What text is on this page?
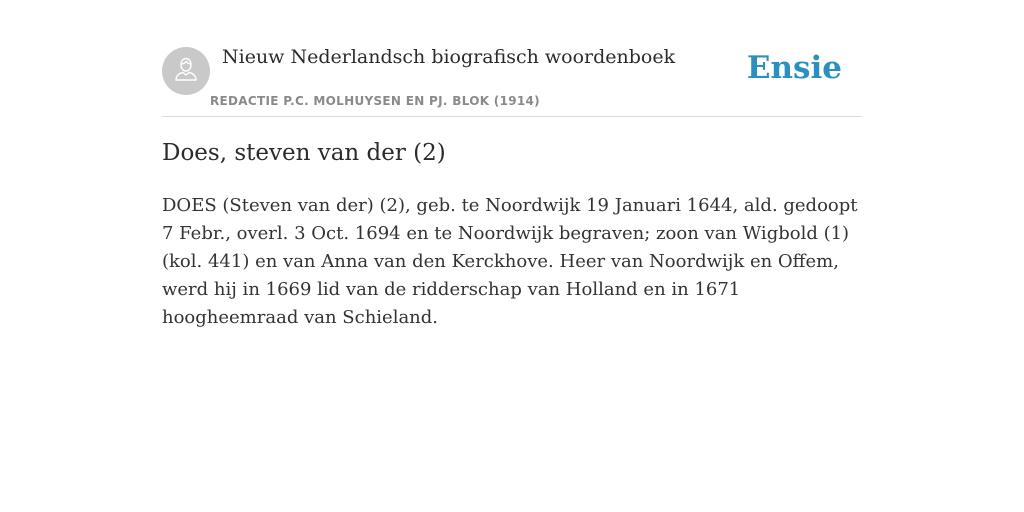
Nieuw Nederlandsch biografisch woordenboek
REDACTIE P.C. MOLHUYSEN EN PJ. BLOK (1914)
Ensie
Does, steven van der (2)

DOES (Steven van der) (2), geb. te Noordwijk 19 Januari 1644, ald. gedoopt 7 Febr., overl. 3 Oct. 1694 en te Noordwijk begraven; zoon van Wigbold (1) (kol. 441) en van Anna van den Kerckhove. Heer van Noordwijk en Offem, werd hij in 1669 lid van de ridderschap van Holland en in 1671 hoogheemraad van Schieland.
